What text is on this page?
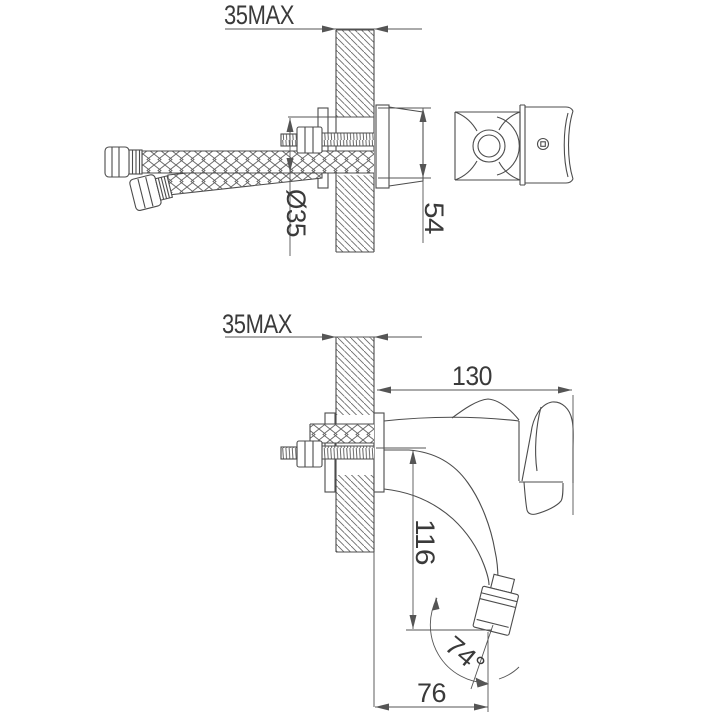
35MAX
Ø35	54
35MAX
130
116
74°
76
